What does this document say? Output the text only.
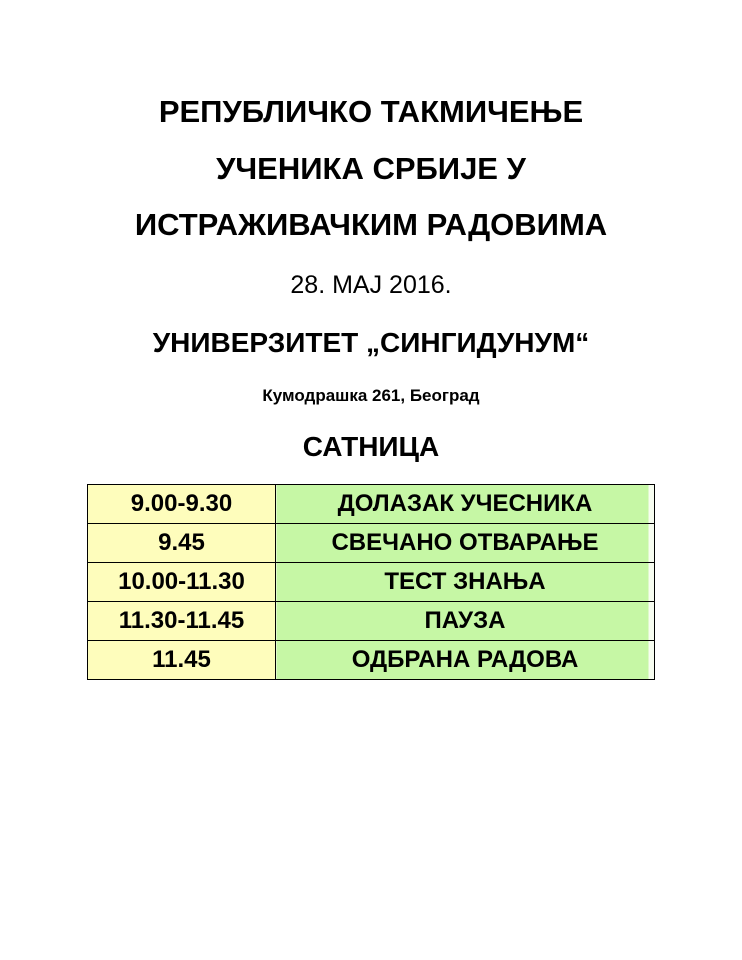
РЕПУБЛИЧКО ТАКМИЧЕЊЕ
УЧЕНИКА СРБИЈЕ У
ИСТРАЖИВАЧКИМ РАДОВИМА
28. МАЈ 2016.
УНИВЕРЗИТЕТ „СИНГИДУНУМ“
Кумодрашка 261, Београд
САТНИЦА
9.00-9.30	ДОЛАЗАК УЧЕСНИКА
9.45	СВЕЧАНО ОТВАРАЊЕ
10.00-11.30	ТЕСТ ЗНАЊА
11.30-11.45	ПАУЗА
11.45	ОДБРАНА РАДОВА
